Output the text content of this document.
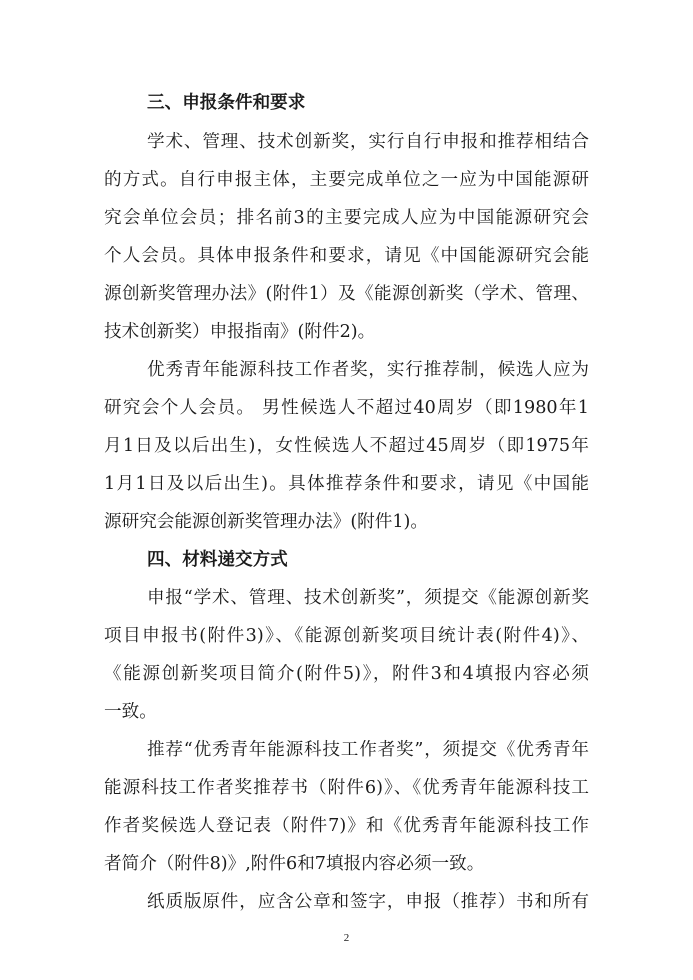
三、申报条件和要求
学术、管理、技术创新奖，实行自行申报和推荐相结合
的方式。自行申报主体，主要完成单位之一应为中国能源研
究会单位会员；排名前3的主要完成人应为中国能源研究会
个人会员。具体申报条件和要求，请见《中国能源研究会能
源创新奖管理办法》(附件1）及《能源创新奖（学术、管理、
技术创新奖）申报指南》(附件2)。
优秀青年能源科技工作者奖，实行推荐制，候选人应为
研究会个人会员。 男性候选人不超过40周岁（即1980年1
月1日及以后出生)，女性候选人不超过45周岁（即1975年
1月1日及以后出生)。具体推荐条件和要求，请见《中国能
源研究会能源创新奖管理办法》(附件1)。
四、材料递交方式
申报“学术、管理、技术创新奖”，须提交《能源创新奖
项目申报书(附件3)》、《能源创新奖项目统计表(附件4)》、
《能源创新奖项目简介(附件5)》，附件3和4填报内容必须
一致。
推荐“优秀青年能源科技工作者奖”，须提交《优秀青年
能源科技工作者奖推荐书（附件6)》、《优秀青年能源科技工
作者奖候选人登记表（附件7)》和《优秀青年能源科技工作
者简介（附件8)》,附件6和7填报内容必须一致。
纸质版原件，应含公章和签字，申报（推荐）书和所有
2
